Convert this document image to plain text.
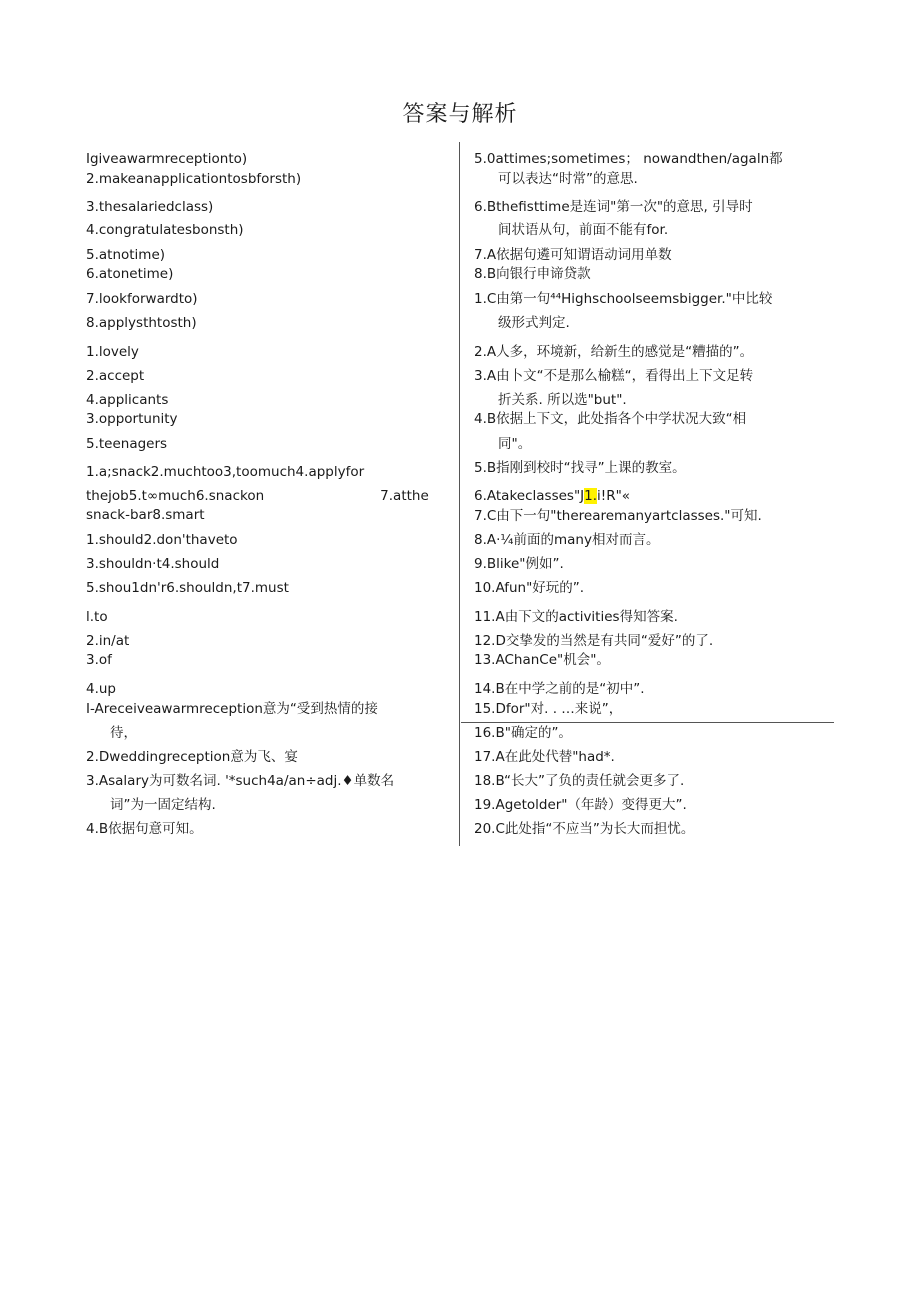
答案与解析
thejob5.t∞much6.snackon	7.atthe
Igiveawarmreceptionto)
2.makeanapplicationtosbforsth)
3.thesalariedclass)
4.congratulatesbonsth)
5.atnotime)
6.atonetime)
7.lookforwardto)
8.applysthtosth)
1.lovely
2.accept
4.applicants
3.opportunity
5.teenagers
1.a;snack2.muchtoo3,toomuch4.applyfor
snack-bar8.smart
1.should2.don'thaveto
3.shouldn·t4.should
5.shou1dn'r6.shouldn,t7.must
l.to
2.in/at
3.of
4.up
I-Areceiveawarmreception意为“受到热情的接
待，
2.Dweddingreception意为飞、宴
3.Asalary为可数名词. '*such4a/an÷adj.♦单数名
词”为一固定结构.
4.B依据句意可知。
6.Atakeclasses"J1.i!R"«
5.0attimes;sometimes； nowandthen/agaln都
可以表达“时常”的意思.
6.Bthefisttime是连词"第一次"的意思, 引导时
间状语从句，前面不能有for.
7.A依据句遴可知谓语动词用单数
8.B向银行申谛贷款
1.C由第一句⁴⁴Highschoolseemsbigger."中比较
级形式判定.
2.A人多，环境新，给新生的感觉是“糟描的”。
3.A由卜文“不是那么榆糕“，看得出上下文足转
折关系. 所以选"but".
4.B依据上下文，此处指各个中学状况大致“相
同"。
5.B指刚到校时“找寻”上课的教室。
7.C由下一句"therearemanyartclasses."可知.
8.A·¼前面的many相对而言。
9.Blike"例如”.
10.Afun"好玩的”.
11.A由下文的activities得知答案.
12.D交挚发的当然是有共同“爱好”的了.
13.AChanCe"机会"。
14.B在中学之前的是“初中”.
15.Dfor"对. . …来说”，
16.B"确定的”。
17.A在此处代替"had*.
18.B“长大”了负的责任就会更多了.
19.Agetolder"（年龄）变得更大”.
20.C此处指“不应当”为长大而担忧。
